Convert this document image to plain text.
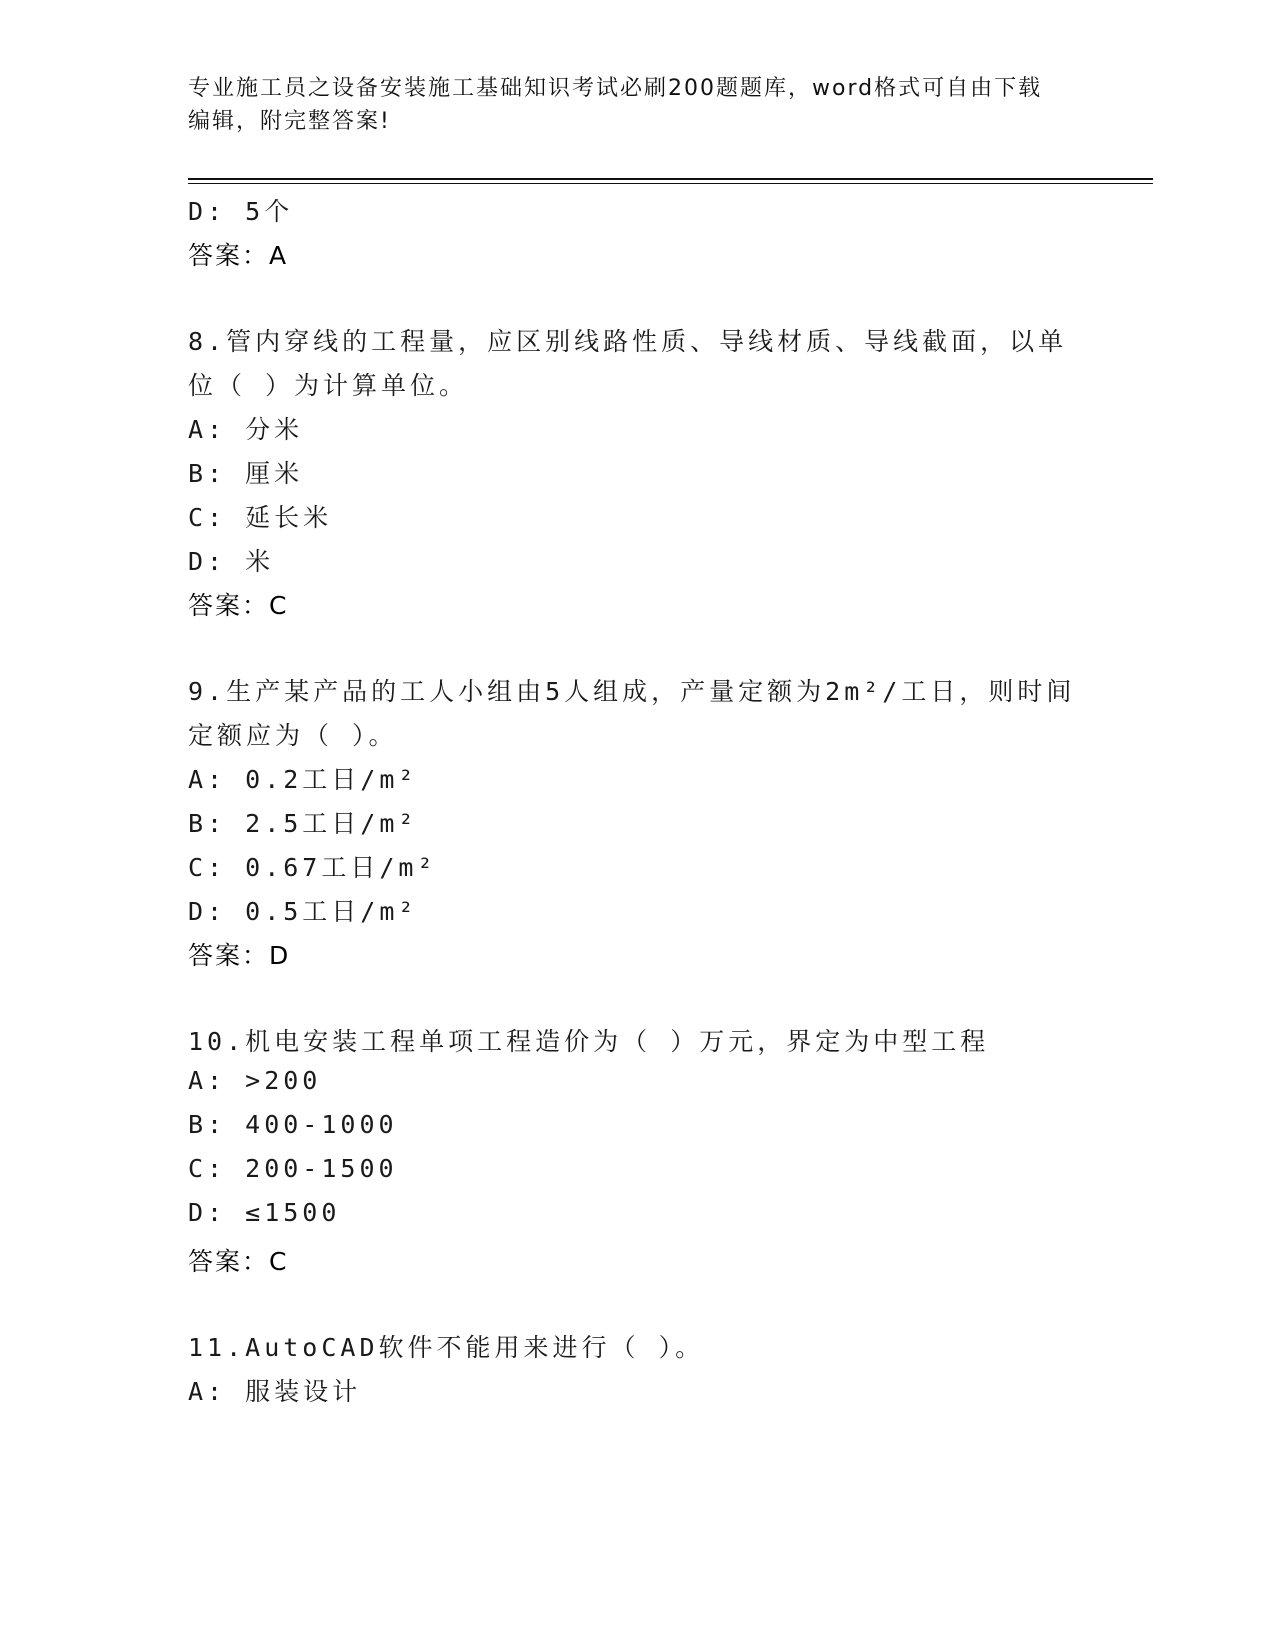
专业施工员之设备安装施工基础知识考试必刷200题题库，word格式可自由下载
编辑，附完整答案!
D: 5个
答案：A
8.管内穿线的工程量，应区别线路性质、导线材质、导线截面，以单
位（ ）为计算单位。
A: 分米
B: 厘米
C: 延长米
D: 米
答案：C
9.生产某产品的工人小组由5人组成，产量定额为2m²/工日，则时间
定额应为（ ）。
A: 0.2工日/m²
B: 2.5工日/m²
C: 0.67工日/m²
D: 0.5工日/m²
答案：D
10.机电安装工程单项工程造价为（ ）万元，界定为中型工程
A: >200
B: 400-1000
C: 200-1500
D: ≤1500
答案：C
11.AutoCAD软件不能用来进行（ ）。
A: 服装设计
